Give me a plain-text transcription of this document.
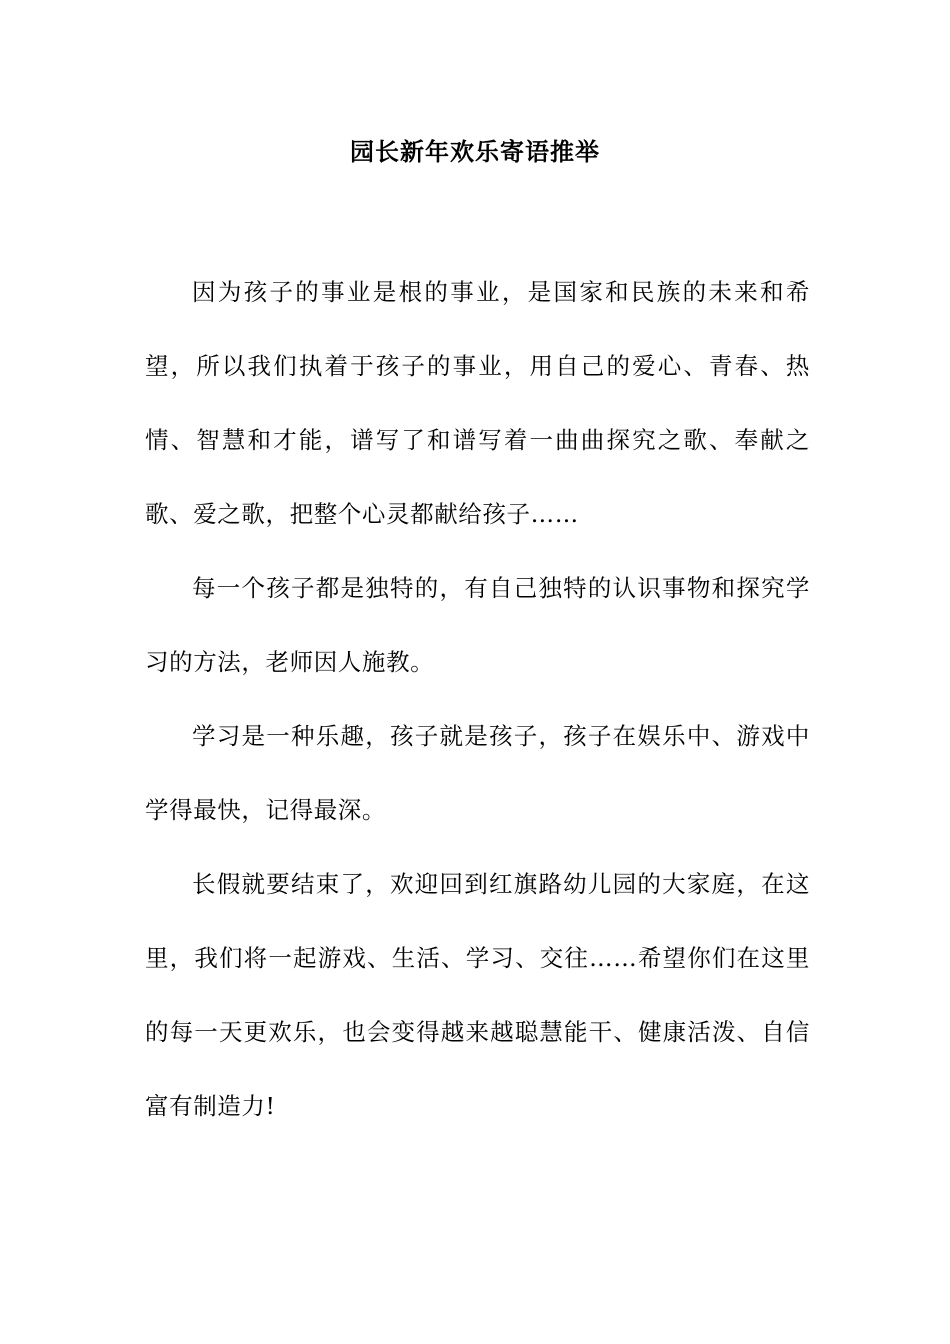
园长新年欢乐寄语推举

因为孩子的事业是根的事业，是国家和民族的未来和希望，所以我们执着于孩子的事业，用自己的爱心、青春、热情、智慧和才能，谱写了和谱写着一曲曲探究之歌、奉献之歌、爱之歌，把整个心灵都献给孩子……

每一个孩子都是独特的，有自己独特的认识事物和探究学习的方法，老师因人施教。

学习是一种乐趣，孩子就是孩子，孩子在娱乐中、游戏中学得最快，记得最深。

长假就要结束了，欢迎回到红旗路幼儿园的大家庭，在这里，我们将一起游戏、生活、学习、交往……希望你们在这里的每一天更欢乐，也会变得越来越聪慧能干、健康活泼、自信富有制造力!
